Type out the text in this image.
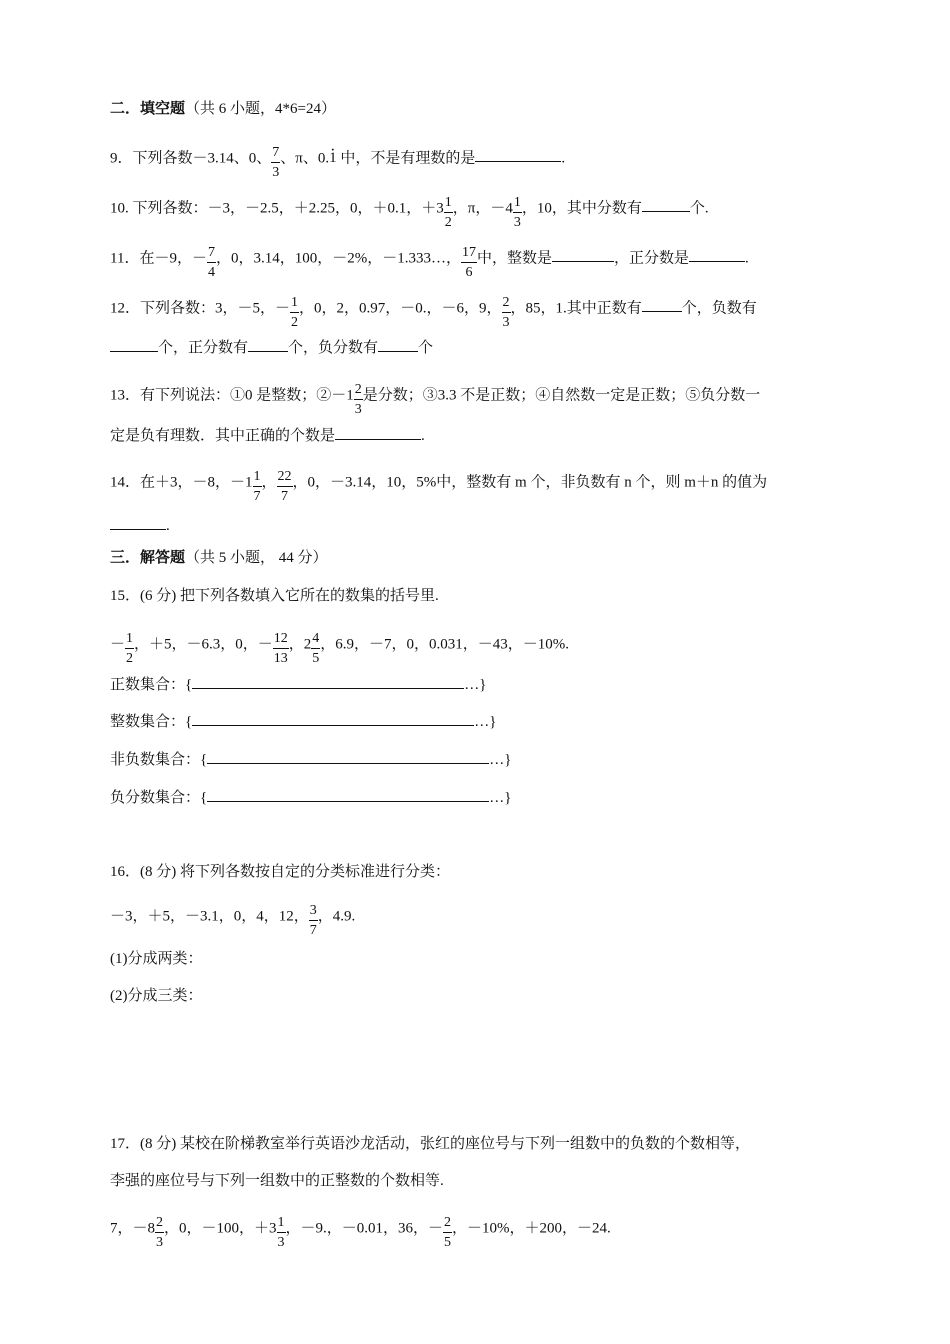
二．填空题（共 6 小题，4*6=24）
9．下列各数－3.14、0、 $\frac{7}{3}$ 、π、0.· 1 中，不是有理数的是	.
10. 下列各数：－3，－2.5，＋2.25，0，＋0.1，$+3 \frac{1}{2}$ ，π，$-4 \frac{1}{3}$ ，10，其中分数有	个.
11．在－9，－ $\frac{7}{4}$ ，0，3.14，100，－2%，－1.333…， $\frac{17}{6}$ 中，整数是	，正分数是	.
12．下列各数：3，－5，－ $\frac{1}{2}$ ，0，2，0.97，－0.，－6，9， $\frac{2}{3}$ ，85，1.其中正数有	个，负数有
个，正分数有	个，负分数有	个
13．有下列说法：①0 是整数；②－1 $\frac{2}{3}$ 是分数；③3.3 不是正数；④自然数一定是正数；⑤负分数一
定是负有理数．其中正确的个数是	.
14．在＋3，－8，$-1 \frac{1}{7}$ ， $\frac{22}{7}$ ，0，－3.14，10，5%中，整数有 m 个，非负数有 n 个，则 m＋n 的值为
.
三．解答题（共 5 小题， 44 分）
15．(6 分) 把下列各数填入它所在的数集的括号里.
－ $\frac{1}{2}$ ，＋5，－6.3，0，－ $\frac{12}{13}$ ，$2 \frac{4}{5}$ ，6.9，－7，0，0.031，－43，－10%.
正数集合：{	…}
整数集合：{	…}
非负数集合：{	…}
负分数集合：{	…}
16．(8 分) 将下列各数按自定的分类标准进行分类：
－3，＋5，－3.1，0，4，12， $\frac{3}{7}$ ，4.9.
(1)分成两类：
(2)分成三类：
17．(8 分) 某校在阶梯教室举行英语沙龙活动，张红的座位号与下列一组数中的负数的个数相等，
李强的座位号与下列一组数中的正整数的个数相等.
7，$-8 \frac{2}{3}$ ，0，－100，$+3 \frac{1}{3}$ ，－9.，－0.01，36，－ $\frac{2}{5}$ ，－10%，＋200，－24.
